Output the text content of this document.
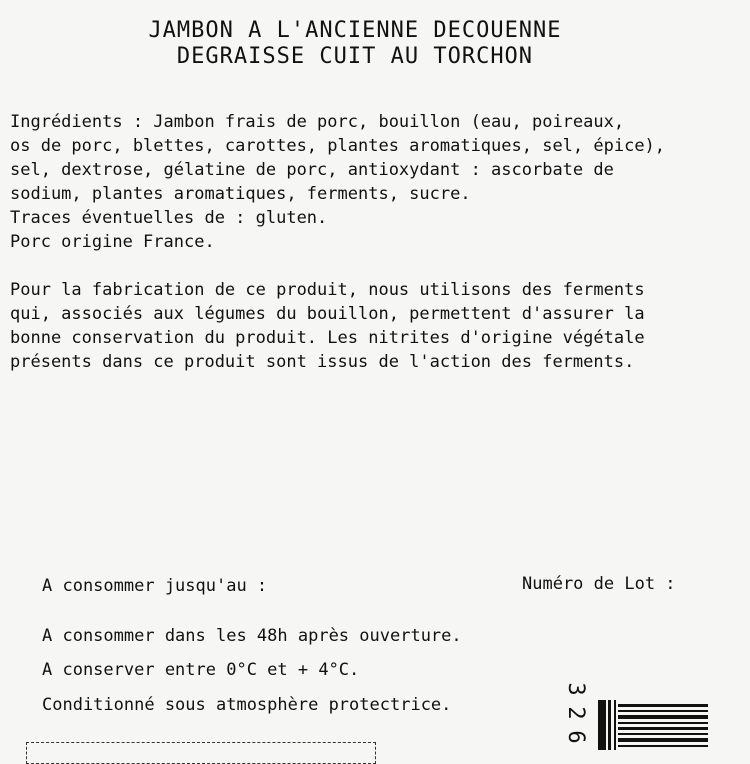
JAMBON A L'ANCIENNE DECOUENNE
DEGRAISSE CUIT AU TORCHON
Ingrédients : Jambon frais de porc, bouillon (eau, poireaux,
os de porc, blettes, carottes, plantes aromatiques, sel, épice),
sel, dextrose, gélatine de porc, antioxydant : ascorbate de
sodium, plantes aromatiques, ferments, sucre.
Traces éventuelles de : gluten.
Porc origine France.
Pour la fabrication de ce produit, nous utilisons des ferments
qui, associés aux légumes du bouillon, permettent d'assurer la
bonne conservation du produit. Les nitrites d'origine végétale
présents dans ce produit sont issus de l'action des ferments.
A consommer jusqu'au :	Numéro de Lot :
A consommer dans les 48h après ouverture.
A conserver entre 0°C et + 4°C.
Conditionné sous atmosphère protectrice.
3
2
6
